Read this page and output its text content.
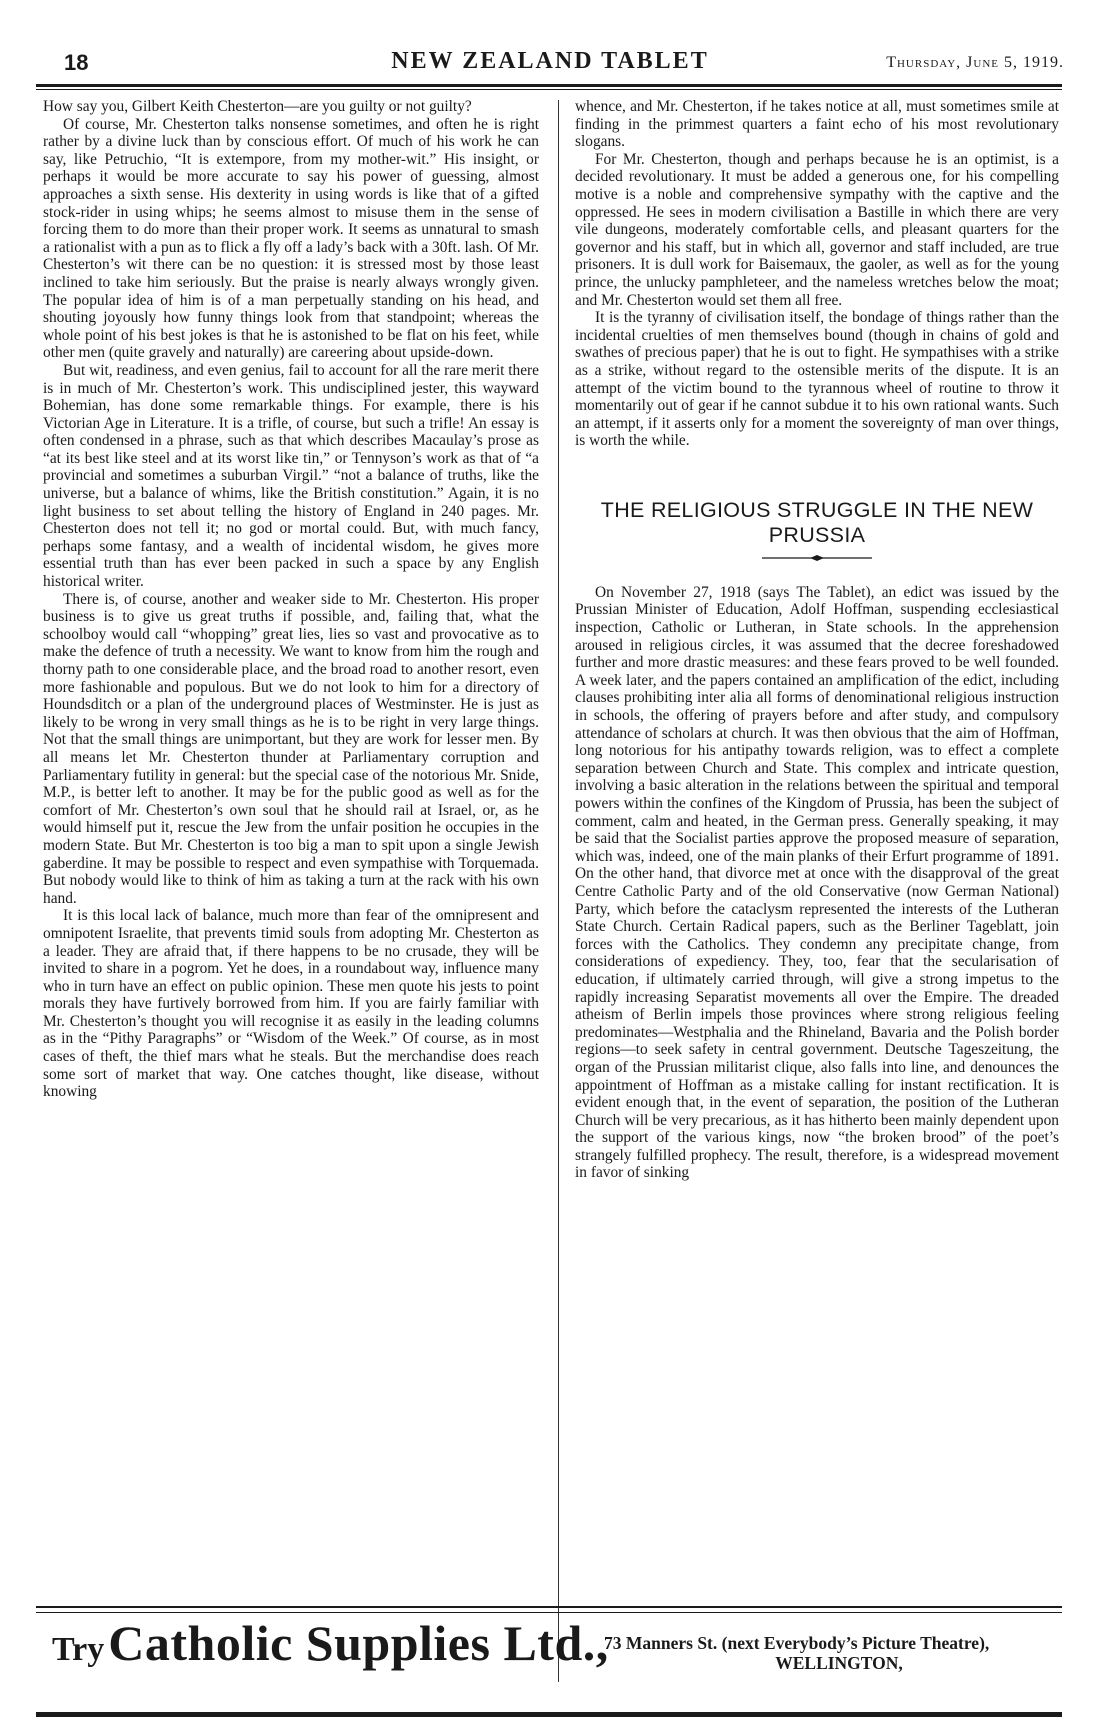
18	NEW ZEALAND TABLET	Thursday, June 5, 1919.

How say you, Gilbert Keith Chesterton—are you guilty or not guilty?

Of course, Mr. Chesterton talks nonsense sometimes, and often he is right rather by a divine luck than by conscious effort. Of much of his work he can say, like Petruchio, “It is extempore, from my mother-wit.” His insight, or perhaps it would be more accurate to say his power of guessing, almost approaches a sixth sense. His dexterity in using words is like that of a gifted stock-rider in using whips; he seems almost to misuse them in the sense of forcing them to do more than their proper work. It seems as unnatural to smash a rationalist with a pun as to flick a fly off a lady’s back with a 30ft. lash. Of Mr. Chesterton’s wit there can be no question: it is stressed most by those least inclined to take him seriously. But the praise is nearly always wrongly given. The popular idea of him is of a man perpetually standing on his head, and shouting joyously how funny things look from that standpoint; whereas the whole point of his best jokes is that he is astonished to be flat on his feet, while other men (quite gravely and naturally) are careering about upside-down.

But wit, readiness, and even genius, fail to account for all the rare merit there is in much of Mr. Chesterton’s work. This undisciplined jester, this wayward Bohemian, has done some remarkable things. For example, there is his Victorian Age in Literature. It is a trifle, of course, but such a trifle! An essay is often condensed in a phrase, such as that which describes Macaulay’s prose as “at its best like steel and at its worst like tin,” or Tennyson’s work as that of “a provincial and sometimes a suburban Virgil.” “not a balance of truths, like the universe, but a balance of whims, like the British constitution.” Again, it is no light business to set about telling the history of England in 240 pages. Mr. Chesterton does not tell it; no god or mortal could. But, with much fancy, perhaps some fantasy, and a wealth of incidental wisdom, he gives more essential truth than has ever been packed in such a space by any English historical writer.

There is, of course, another and weaker side to Mr. Chesterton. His proper business is to give us great truths if possible, and, failing that, what the schoolboy would call “whopping” great lies, lies so vast and provocative as to make the defence of truth a necessity. We want to know from him the rough and thorny path to one considerable place, and the broad road to another resort, even more fashionable and populous. But we do not look to him for a directory of Houndsditch or a plan of the underground places of Westminster. He is just as likely to be wrong in very small things as he is to be right in very large things. Not that the small things are unimportant, but they are work for lesser men. By all means let Mr. Chesterton thunder at Parliamentary corruption and Parliamentary futility in general: but the special case of the notorious Mr. Snide, M.P., is better left to another. It may be for the public good as well as for the comfort of Mr. Chesterton’s own soul that he should rail at Israel, or, as he would himself put it, rescue the Jew from the unfair position he occupies in the modern State. But Mr. Chesterton is too big a man to spit upon a single Jewish gaberdine. It may be possible to respect and even sympathise with Torquemada. But nobody would like to think of him as taking a turn at the rack with his own hand.

It is this local lack of balance, much more than fear of the omnipresent and omnipotent Israelite, that prevents timid souls from adopting Mr. Chesterton as a leader. They are afraid that, if there happens to be no crusade, they will be invited to share in a pogrom. Yet he does, in a roundabout way, influence many who in turn have an effect on public opinion. These men quote his jests to point morals they have furtively borrowed from him. If you are fairly familiar with Mr. Chesterton’s thought you will recognise it as easily in the leading columns as in the “Pithy Paragraphs” or “Wisdom of the Week.” Of course, as in most cases of theft, the thief mars what he steals. But the merchandise does reach some sort of market that way. One catches thought, like disease, without knowing

whence, and Mr. Chesterton, if he takes notice at all, must sometimes smile at finding in the primmest quarters a faint echo of his most revolutionary slogans.

For Mr. Chesterton, though and perhaps because he is an optimist, is a decided revolutionary. It must be added a generous one, for his compelling motive is a noble and comprehensive sympathy with the captive and the oppressed. He sees in modern civilisation a Bastille in which there are very vile dungeons, moderately comfortable cells, and pleasant quarters for the governor and his staff, but in which all, governor and staff included, are true prisoners. It is dull work for Baisemaux, the gaoler, as well as for the young prince, the unlucky pamphleteer, and the nameless wretches below the moat; and Mr. Chesterton would set them all free.

It is the tyranny of civilisation itself, the bondage of things rather than the incidental cruelties of men themselves bound (though in chains of gold and swathes of precious paper) that he is out to fight. He sympathises with a strike as a strike, without regard to the ostensible merits of the dispute. It is an attempt of the victim bound to the tyrannous wheel of routine to throw it momentarily out of gear if he cannot subdue it to his own rational wants. Such an attempt, if it asserts only for a moment the sovereignty of man over things, is worth the while.

THE RELIGIOUS STRUGGLE IN THE NEW PRUSSIA

On November 27, 1918 (says The Tablet), an edict was issued by the Prussian Minister of Education, Adolf Hoffman, suspending ecclesiastical inspection, Catholic or Lutheran, in State schools. In the apprehension aroused in religious circles, it was assumed that the decree foreshadowed further and more drastic measures: and these fears proved to be well founded. A week later, and the papers contained an amplification of the edict, including clauses prohibiting inter alia all forms of denominational religious instruction in schools, the offering of prayers before and after study, and compulsory attendance of scholars at church. It was then obvious that the aim of Hoffman, long notorious for his antipathy towards religion, was to effect a complete separation between Church and State. This complex and intricate question, involving a basic alteration in the relations between the spiritual and temporal powers within the confines of the Kingdom of Prussia, has been the subject of comment, calm and heated, in the German press. Generally speaking, it may be said that the Socialist parties approve the proposed measure of separation, which was, indeed, one of the main planks of their Erfurt programme of 1891. On the other hand, that divorce met at once with the disapproval of the great Centre Catholic Party and of the old Conservative (now German National) Party, which before the cataclysm represented the interests of the Lutheran State Church. Certain Radical papers, such as the Berliner Tageblatt, join forces with the Catholics. They condemn any precipitate change, from considerations of expediency. They, too, fear that the secularisation of education, if ultimately carried through, will give a strong impetus to the rapidly increasing Separatist movements all over the Empire. The dreaded atheism of Berlin impels those provinces where strong religious feeling predominates—Westphalia and the Rhineland, Bavaria and the Polish border regions—to seek safety in central government. Deutsche Tageszeitung, the organ of the Prussian militarist clique, also falls into line, and denounces the appointment of Hoffman as a mistake calling for instant rectification. It is evident enough that, in the event of separation, the position of the Lutheran Church will be very precarious, as it has hitherto been mainly dependent upon the support of the various kings, now “the broken brood” of the poet’s strangely fulfilled prophecy. The result, therefore, is a widespread movement in favor of sinking

Try Catholic Supplies Ltd.,
73 Manners St. (next Everybody’s Picture Theatre),
WELLINGTON,
